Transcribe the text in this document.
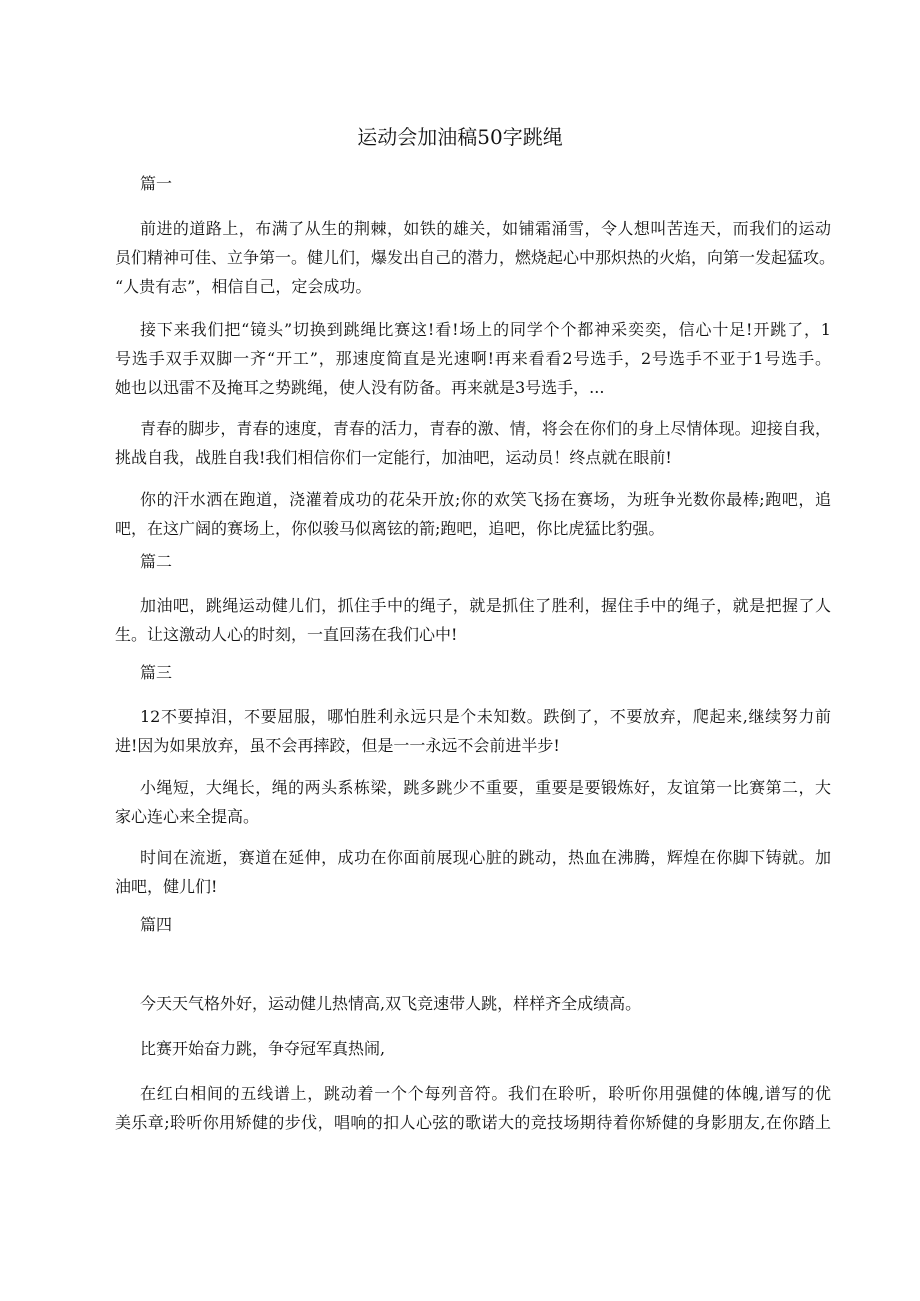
运动会加油稿50字跳绳
篇一
前进的道路上，布满了从生的荆棘，如铁的雄关，如铺霜涌雪，令人想叫苦连天，而我们的运动
员们精神可佳、立争第一。健儿们，爆发出自己的潜力，燃烧起心中那炽热的火焰，向第一发起猛攻。
“人贵有志”，相信自己，定会成功。
接下来我们把“镜头”切换到跳绳比赛这!看!场上的同学个个都神采奕奕，信心十足!开跳了，1
号选手双手双脚一齐“开工”，那速度简直是光速啊!再来看看2号选手，2号选手不亚于1号选手。
她也以迅雷不及掩耳之势跳绳，使人没有防备。再来就是3号选手，...
青春的脚步，青春的速度，青春的活力，青春的激、情，将会在你们的身上尽情体现。迎接自我，
挑战自我，战胜自我!我们相信你们一定能行，加油吧，运动员！终点就在眼前!
你的汗水洒在跑道，浇灌着成功的花朵开放;你的欢笑飞扬在赛场，为班争光数你最棒;跑吧，追
吧，在这广阔的赛场上，你似骏马似离铉的箭;跑吧，追吧，你比虎猛比豹强。
篇二
加油吧，跳绳运动健儿们，抓住手中的绳子，就是抓住了胜利，握住手中的绳子，就是把握了人
生。让这激动人心的时刻，一直回荡在我们心中!
篇三
12不要掉泪，不要屈服，哪怕胜利永远只是个未知数。跌倒了，不要放弃，爬起来,继续努力前
进!因为如果放弃，虽不会再摔跤，但是一一永远不会前进半步!
小绳短，大绳长，绳的两头系栋梁，跳多跳少不重要，重要是要锻炼好，友谊第一比赛第二，大
家心连心来全提高。
时间在流逝，赛道在延伸，成功在你面前展现心脏的跳动，热血在沸腾，辉煌在你脚下铸就。加
油吧，健儿们!
篇四
今天天气格外好，运动健儿热情高,双飞竞速带人跳，样样齐全成绩高。
比赛开始奋力跳，争夺冠军真热闹,
在红白相间的五线谱上，跳动着一个个每列音符。我们在聆听，聆听你用强健的体魄,谱写的优
美乐章;聆听你用矫健的步伐，唱响的扣人心弦的歌诺大的竞技场期待着你矫健的身影朋友,在你踏上
